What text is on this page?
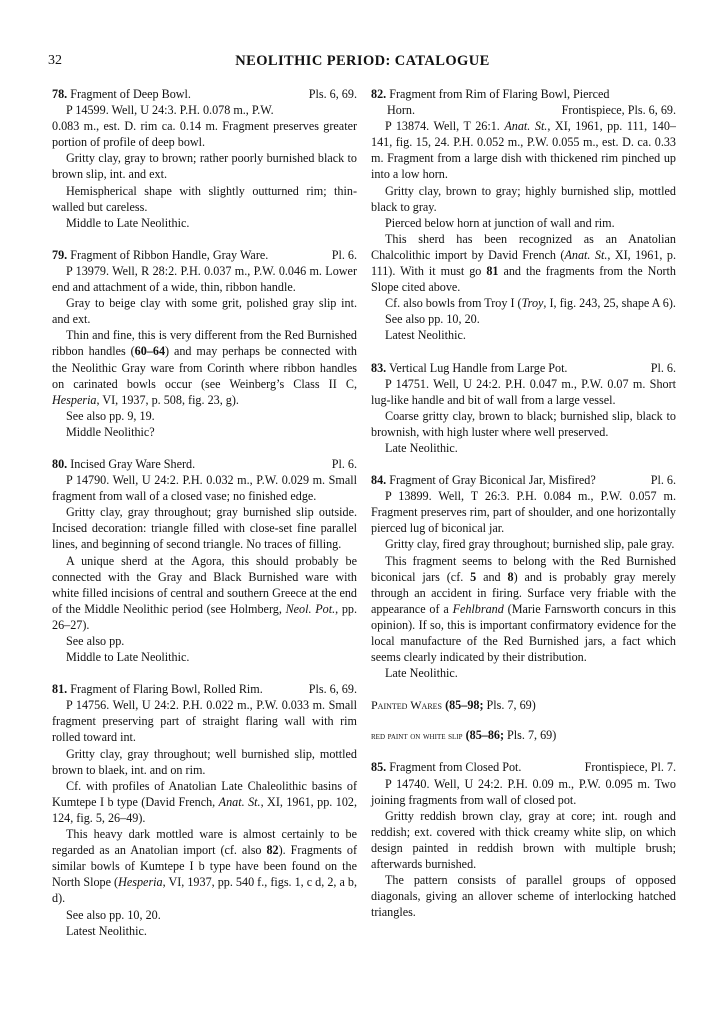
32	NEOLITHIC PERIOD: CATALOGUE
78. Fragment of Deep Bowl.	Pls. 6, 69.

P 14599. Well, U 24:3. P.H. 0.078 m., P.W.

0.083 m., est. D. rim ca. 0.14 m. Fragment preserves greater portion of profile of deep bowl.

Gritty clay, gray to brown; rather poorly burnished black to brown slip, int. and ext.

Hemispherical shape with slightly outturned rim; thin-walled but careless.

Middle to Late Neolithic.

79. Fragment of Ribbon Handle, Gray Ware.	Pl. 6.

P 13979. Well, R 28:2. P.H. 0.037 m., P.W. 0.046 m. Lower end and attachment of a wide, thin, ribbon handle.

Gray to beige clay with some grit, polished gray slip int. and ext.

Thin and fine, this is very different from the Red Burnished ribbon handles (60–64) and may perhaps be connected with the Neolithic Gray ware from Corinth where ribbon handles on carinated bowls occur (see Weinberg’s Class II C, Hesperia, VI, 1937, p. 508, fig. 23, g).

See also pp. 9, 19.

Middle Neolithic?

80. Incised Gray Ware Sherd.	Pl. 6.

P 14790. Well, U 24:2. P.H. 0.032 m., P.W. 0.029 m. Small fragment from wall of a closed vase; no finished edge.

Gritty clay, gray throughout; gray burnished slip outside. Incised decoration: triangle filled with close-set fine parallel lines, and beginning of second triangle. No traces of filling.

A unique sherd at the Agora, this should probably be connected with the Gray and Black Burnished ware with white filled incisions of central and southern Greece at the end of the Middle Neolithic period (see Holmberg, Neol. Pot., pp. 26–27).

See also pp.

Middle to Late Neolithic.

81. Fragment of Flaring Bowl, Rolled Rim.	Pls. 6, 69.

P 14756. Well, U 24:2. P.H. 0.022 m., P.W. 0.033 m. Small fragment preserving part of straight flaring wall with rim rolled toward int.

Gritty clay, gray throughout; well burnished slip, mottled brown to blaek, int. and on rim.

Cf. with profiles of Anatolian Late Chaleolithic basins of Kumtepe I b type (David French, Anat. St., XI, 1961, pp. 102, 124, fig. 5, 26–49).

This heavy dark mottled ware is almost certainly to be regarded as an Anatolian import (cf. also 82). Fragments of similar bowls of Kumtepe I b type have been found on the North Slope (Hesperia, VI, 1937, pp. 540 f., figs. 1, c d, 2, a b, d).

See also pp. 10, 20.

Latest Neolithic.

82. Fragment from Rim of Flaring Bowl, Pierced
Horn.	Frontispiece, Pls. 6, 69.

P 13874. Well, T 26:1. Anat. St., XI, 1961, pp. 111, 140–141, fig. 15, 24. P.H. 0.052 m., P.W. 0.055 m., est. D. ca. 0.33 m. Fragment from a large dish with thickened rim pinched up into a low horn.

Gritty clay, brown to gray; highly burnished slip, mottled black to gray.

Pierced below horn at junction of wall and rim.

This sherd has been recognized as an Anatolian Chalcolithic import by David French (Anat. St., XI, 1961, p. 111). With it must go 81 and the fragments from the North Slope cited above.

Cf. also bowls from Troy I (Troy, I, fig. 243, 25, shape A 6).

See also pp. 10, 20.

Latest Neolithic.

83. Vertical Lug Handle from Large Pot.	Pl. 6.

P 14751. Well, U 24:2. P.H. 0.047 m., P.W. 0.07 m. Short lug-like handle and bit of wall from a large vessel.

Coarse gritty clay, brown to black; burnished slip, black to brownish, with high luster where well preserved.

Late Neolithic.

84. Fragment of Gray Biconical Jar, Misfired?	Pl. 6.

P 13899. Well, T 26:3. P.H. 0.084 m., P.W. 0.057 m. Fragment preserves rim, part of shoulder, and one horizontally pierced lug of biconical jar.

Gritty clay, fired gray throughout; burnished slip, pale gray.

This fragment seems to belong with the Red Burnished biconical jars (cf. 5 and 8) and is probably gray merely through an accident in firing. Surface very friable with the appearance of a Fehlbrand (Marie Farnsworth concurs in this opinion). If so, this is important confirmatory evidence for the local manufacture of the Red Burnished jars, a fact which seems clearly indicated by their distribution.

Late Neolithic.

Painted Wares (85–98; Pls. 7, 69)
red paint on white slip (85–86; Pls. 7, 69)
85. Fragment from Closed Pot.	Frontispiece, Pl. 7.

P 14740. Well, U 24:2. P.H. 0.09 m., P.W. 0.095 m. Two joining fragments from wall of closed pot.

Gritty reddish brown clay, gray at core; int. rough and reddish; ext. covered with thick creamy white slip, on which design painted in reddish brown with multiple brush; afterwards burnished.

The pattern consists of parallel groups of opposed diagonals, giving an allover scheme of interlocking hatched triangles.
